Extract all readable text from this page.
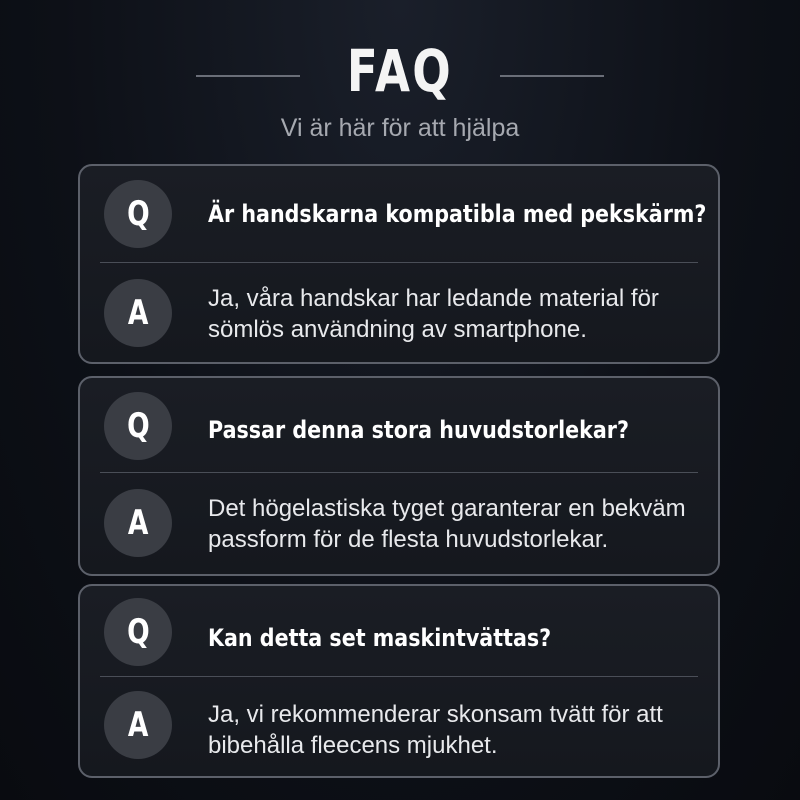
FAQ
Vi är här för att hjälpa
Q	Är handskarna kompatibla med pekskärm?
A	Ja, våra handskar har ledande material för
sömlös användning av smartphone.
Q	Passar denna stora huvudstorlekar?
A	Det högelastiska tyget garanterar en bekväm
passform för de flesta huvudstorlekar.
Q	Kan detta set maskintvättas?
A	Ja, vi rekommenderar skonsam tvätt för att
bibehålla fleecens mjukhet.
